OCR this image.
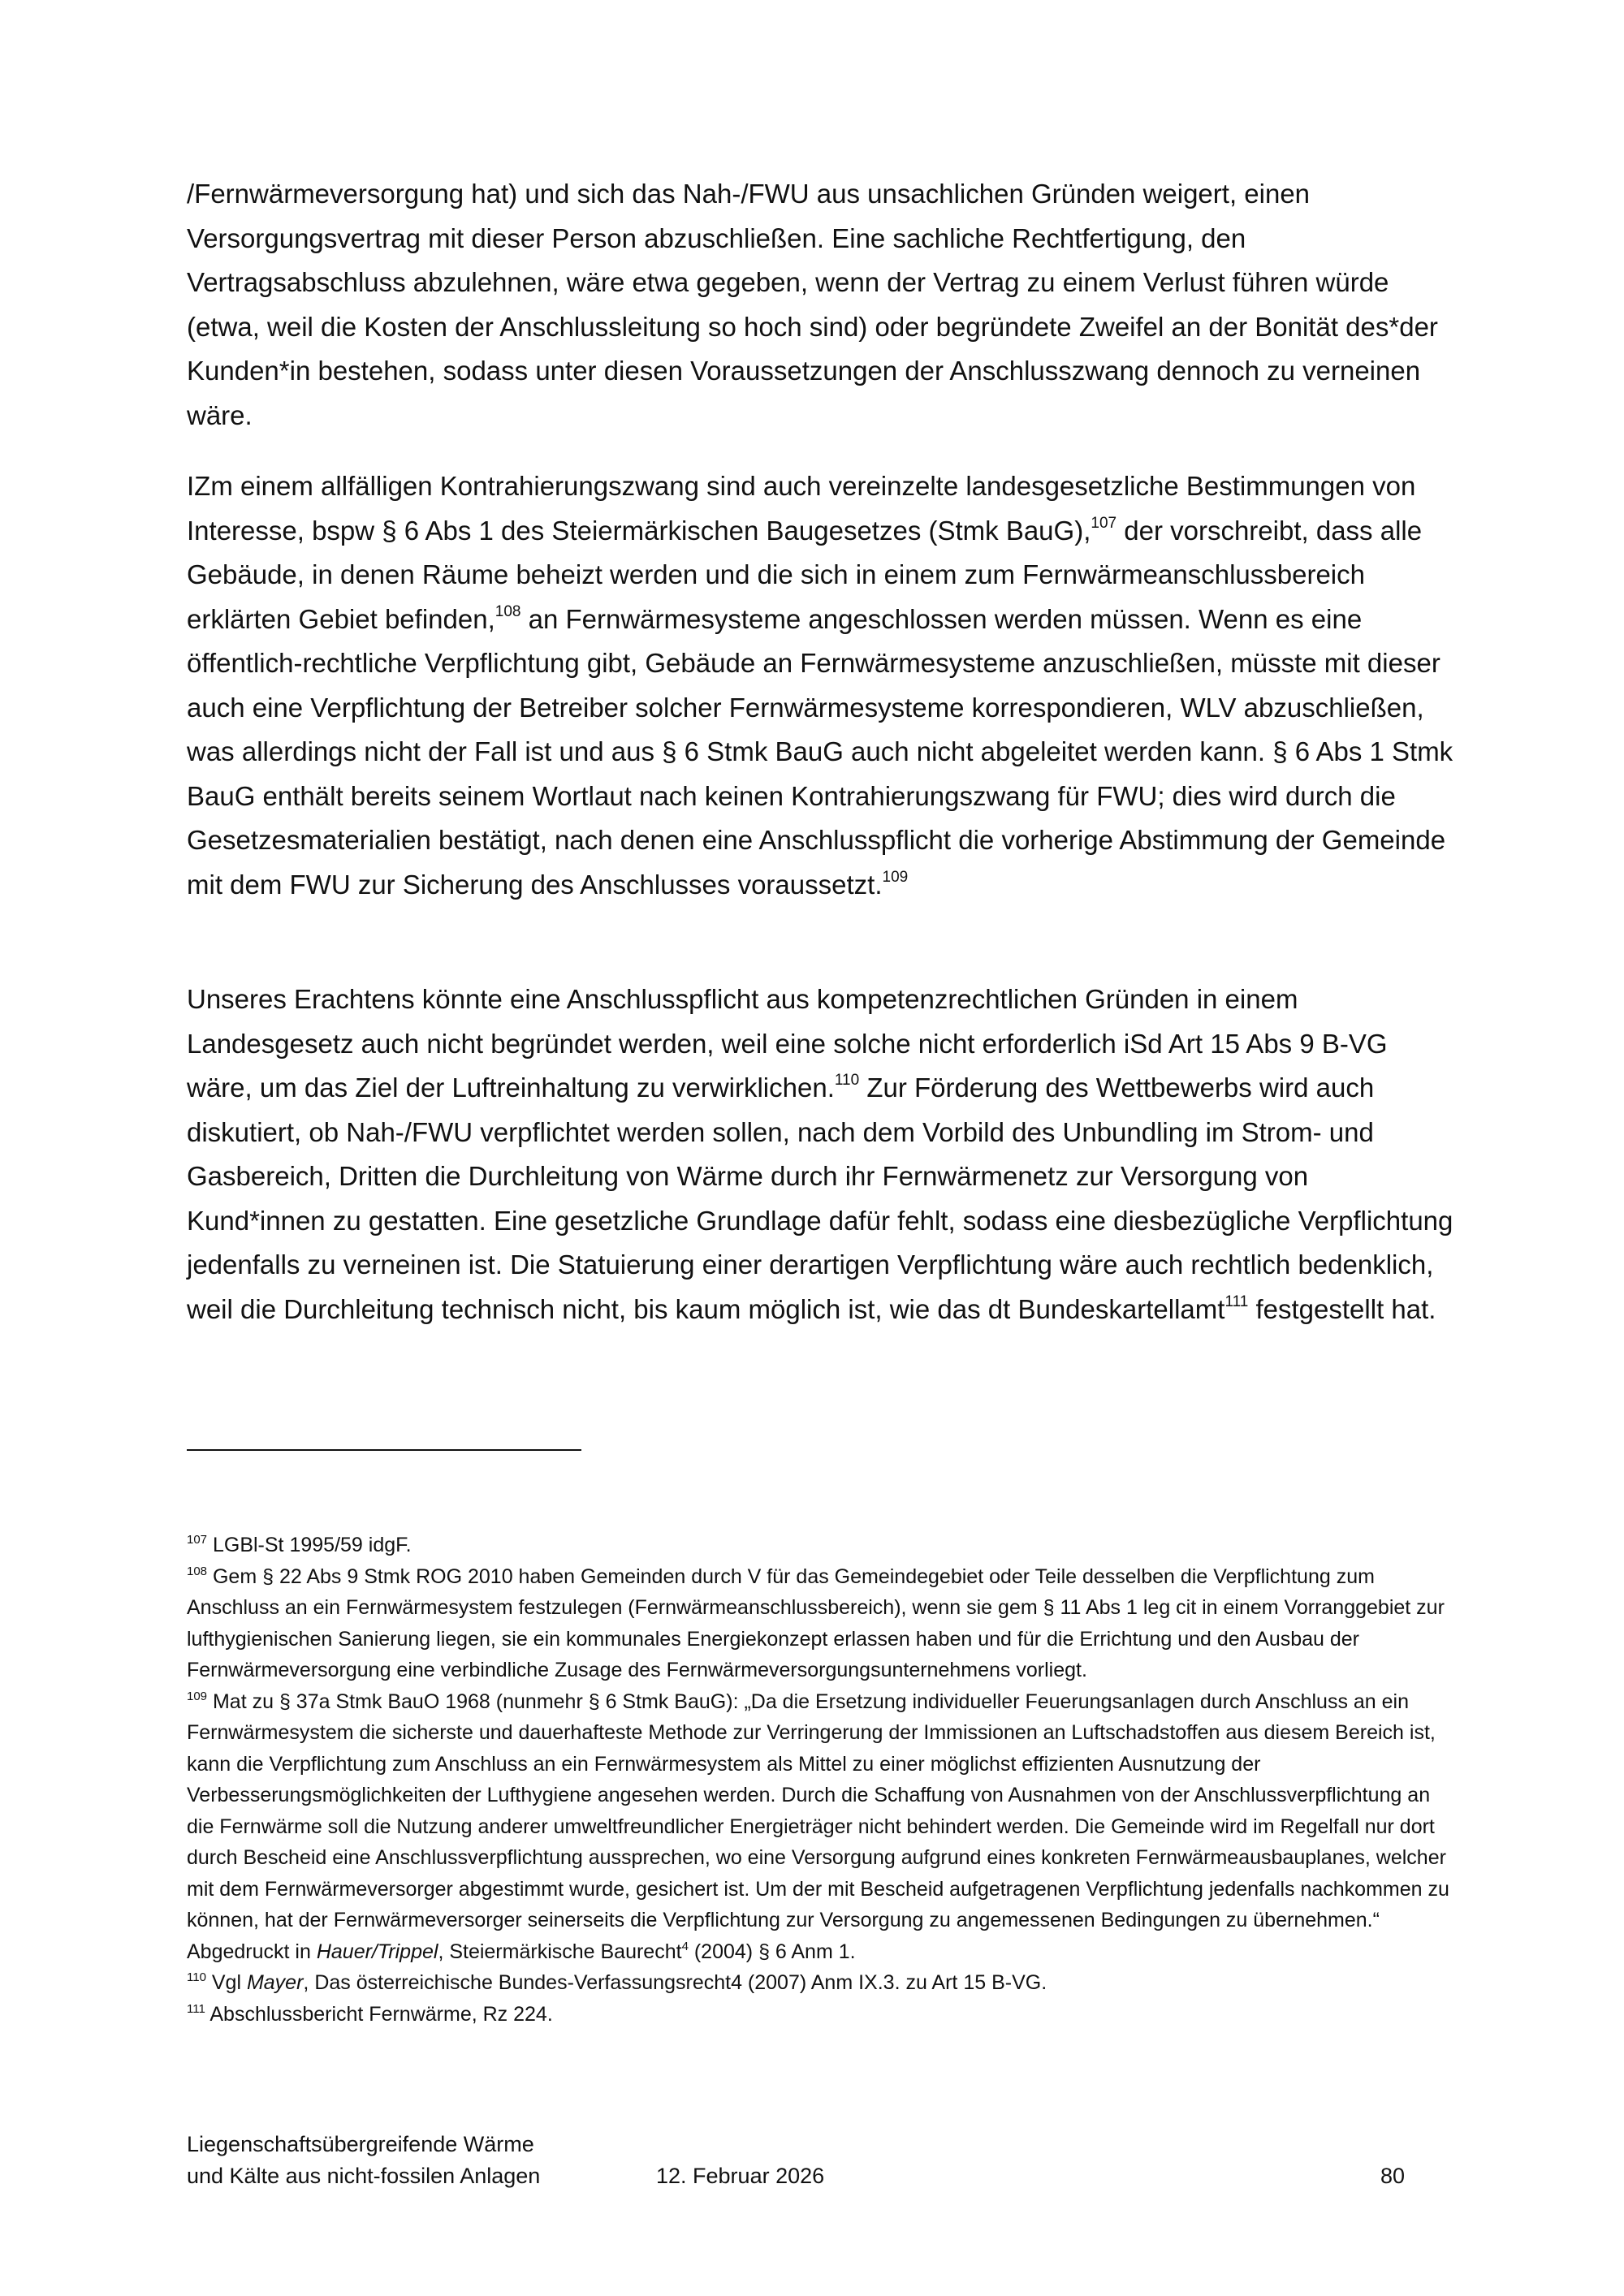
/Fernwärmeversorgung hat) und sich das Nah-/FWU aus unsachlichen Gründen weigert, einen Versorgungsvertrag mit dieser Person abzuschließen. Eine sachliche Rechtfertigung, den Vertragsabschluss abzulehnen, wäre etwa gegeben, wenn der Vertrag zu einem Verlust führen würde (etwa, weil die Kosten der Anschlussleitung so hoch sind) oder begründete Zweifel an der Bonität des*der Kunden*in bestehen, sodass unter diesen Voraussetzungen der Anschlusszwang dennoch zu verneinen wäre.

IZm einem allfälligen Kontrahierungszwang sind auch vereinzelte landesgesetzliche Bestimmungen von Interesse, bspw § 6 Abs 1 des Steiermärkischen Baugesetzes (Stmk BauG),$^{107}$ der vorschreibt, dass alle Gebäude, in denen Räume beheizt werden und die sich in einem zum Fernwärmeanschlussbereich erklärten Gebiet befinden,$^{108}$ an Fernwärmesysteme angeschlossen werden müssen. Wenn es eine öffentlich-rechtliche Verpflichtung gibt, Gebäude an Fernwärmesysteme anzuschließen, müsste mit dieser auch eine Verpflichtung der Betreiber solcher Fernwärmesysteme korrespondieren, WLV abzuschließen, was allerdings nicht der Fall ist und aus § 6 Stmk BauG auch nicht abgeleitet werden kann. § 6 Abs 1 Stmk BauG enthält bereits seinem Wortlaut nach keinen Kontrahierungszwang für FWU; dies wird durch die Gesetzesmaterialien bestätigt, nach denen eine Anschlusspflicht die vorherige Abstimmung der Gemeinde mit dem FWU zur Sicherung des Anschlusses voraussetzt.$^{109}$

Unseres Erachtens könnte eine Anschlusspflicht aus kompetenzrechtlichen Gründen in einem Landesgesetz auch nicht begründet werden, weil eine solche nicht erforderlich iSd Art 15 Abs 9 B-VG wäre, um das Ziel der Luftreinhaltung zu verwirklichen.$^{110}$ Zur Förderung des Wettbewerbs wird auch diskutiert, ob Nah-/FWU verpflichtet werden sollen, nach dem Vorbild des Unbundling im Strom- und Gasbereich, Dritten die Durchleitung von Wärme durch ihr Fernwärmenetz zur Versorgung von Kund*innen zu gestatten. Eine gesetzliche Grundlage dafür fehlt, sodass eine diesbezügliche Verpflichtung jedenfalls zu verneinen ist. Die Statuierung einer derartigen Verpflichtung wäre auch rechtlich bedenklich, weil die Durchleitung technisch nicht, bis kaum möglich ist, wie das dt Bundeskartellamt$^{111}$ festgestellt hat.

$^{107}$ LGBl-St 1995/59 idgF.

$^{108}$ Gem § 22 Abs 9 Stmk ROG 2010 haben Gemeinden durch V für das Gemeindegebiet oder Teile desselben die Verpflichtung zum Anschluss an ein Fernwärmesystem festzulegen (Fernwärmeanschlussbereich), wenn sie gem § 11 Abs 1 leg cit in einem Vorranggebiet zur lufthygienischen Sanierung liegen, sie ein kommunales Energiekonzept erlassen haben und für die Errichtung und den Ausbau der Fernwärmeversorgung eine verbindliche Zusage des Fernwärmeversorgungsunternehmens vorliegt.

$^{109}$ Mat zu § 37a Stmk BauO 1968 (nunmehr § 6 Stmk BauG): „Da die Ersetzung individueller Feuerungsanlagen durch Anschluss an ein Fernwärmesystem die sicherste und dauerhafteste Methode zur Verringerung der Immissionen an Luftschadstoffen aus diesem Bereich ist, kann die Verpflichtung zum Anschluss an ein Fernwärmesystem als Mittel zu einer möglichst effizienten Ausnutzung der Verbesserungsmöglichkeiten der Lufthygiene angesehen werden. Durch die Schaffung von Ausnahmen von der Anschlussverpflichtung an die Fernwärme soll die Nutzung anderer umweltfreundlicher Energieträger nicht behindert werden. Die Gemeinde wird im Regelfall nur dort durch Bescheid eine Anschlussverpflichtung aussprechen, wo eine Versorgung aufgrund eines konkreten Fernwärmeausbauplanes, welcher mit dem Fernwärmeversorger abgestimmt wurde, gesichert ist. Um der mit Bescheid aufgetragenen Verpflichtung jedenfalls nachkommen zu können, hat der Fernwärmeversorger seinerseits die Verpflichtung zur Versorgung zu angemessenen Bedingungen zu übernehmen.“ Abgedruckt in Hauer/Trippel, Steiermärkische Baurecht$^4$ (2004) § 6 Anm 1.

$^{110}$ Vgl Mayer, Das österreichische Bundes-Verfassungsrecht4 (2007) Anm IX.3. zu Art 15 B-VG.

$^{111}$ Abschlussbericht Fernwärme, Rz 224.

Liegenschaftsübergreifende Wärme
und Kälte aus nicht-fossilen Anlagen	12. Februar 2026	80
